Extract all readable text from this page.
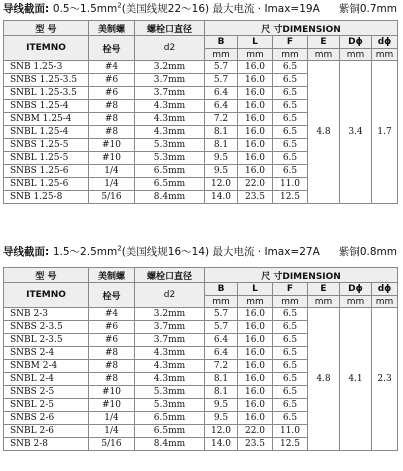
导线截面: $0.5\sim 1.5mm^2$(美国线规22～16) 最大电流 · Imax=19A 紫铜0.7mm
型 号	美制螺	螺栓口直径	尺 寸DIMENSION					

ITEMNO	栓号	d2	B	L	F	E	Dϕ	dϕ
			mm	mm	mm	mm	mm	mm
SNB 1.25-3	#4	3.2mm	5.7	16.0	6.5	4.8	3.4	1.7
SNBS 1.25-3.5	#6	3.7mm	5.7	16.0	6.5			
SNBL 1.25-3.5	#6	3.7mm	6.4	16.0	6.5			
SNBS 1.25-4	#8	4.3mm	6.4	16.0	6.5			
SNBM 1.25-4	#8	4.3mm	7.2	16.0	6.5			
SNBL 1.25-4	#8	4.3mm	8.1	16.0	6.5			
SNBS 1.25-5	#10	5.3mm	8.1	16.0	6.5			
SNBL 1.25-5	#10	5.3mm	9.5	16.0	6.5			
SNBS 1.25-6	1/4	6.5mm	9.5	16.0	6.5			
SNBL 1.25-6	1/4	6.5mm	12.0	22.0	11.0			
SNB 1.25-8	5/16	8.4mm	14.0	23.5	12.5			
导线截面: $1.5\sim 2.5mm^2$(美国线规16～14) 最大电流 · Imax=27A 紫铜0.8mm
型 号	美制螺	螺栓口直径	尺 寸DIMENSION					

ITEMNO	栓号	d2	B	L	F	E	Dϕ	dϕ
			mm	mm	mm	mm	mm	mm
SNB 2-3	#4	3.2mm	5.7	16.0	6.5	4.8	4.1	2.3
SNBS 2-3.5	#6	3.7mm	5.7	16.0	6.5			
SNBL 2-3.5	#6	3.7mm	6.4	16.0	6.5			
SNBS 2-4	#8	4.3mm	6.4	16.0	6.5			
SNBM 2-4	#8	4.3mm	7.2	16.0	6.5			
SNBL 2-4	#8	4.3mm	8.1	16.0	6.5			
SNBS 2-5	#10	5.3mm	8.1	16.0	6.5			
SNBL 2-5	#10	5.3mm	9.5	16.0	6.5			
SNBS 2-6	1/4	6.5mm	9.5	16.0	6.5			
SNBL 2-6	1/4	6.5mm	12.0	22.0	11.0			
SNB 2-8	5/16	8.4mm	14.0	23.5	12.5			
